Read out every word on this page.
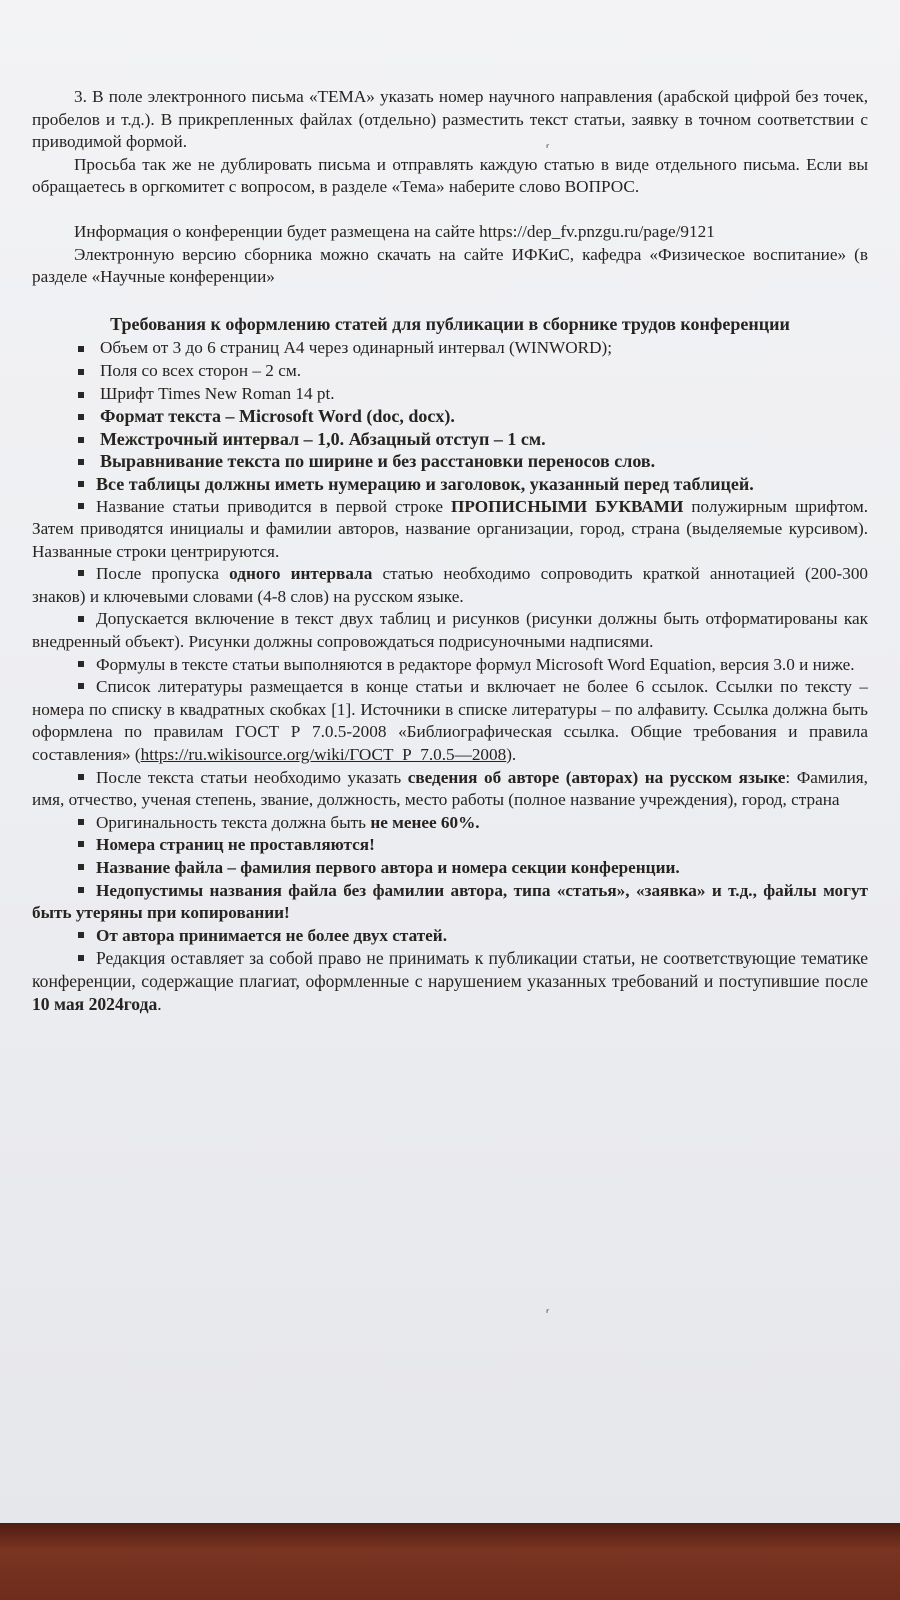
3. В поле электронного письма «ТЕМА» указать номер научного направления (арабской цифрой без точек, пробелов и т.д.). В прикрепленных файлах (отдельно) разместить текст статьи, заявку в точном соответствии с приводимой формой.

Просьба так же не дублировать письма и отправлять каждую статью в виде отдельного письма. Если вы обращаетесь в оргкомитет с вопросом, в разделе «Тема» наберите слово ВОПРОС.

Информация о конференции будет размещена на сайте https://dep_fv.pnzgu.ru/page/9121

Электронную версию сборника можно скачать на сайте ИФКиС, кафедра «Физическое воспитание» (в разделе «Научные конференции»

Требования к оформлению статей для публикации в сборнике трудов конференции
Объем от 3 до 6 страниц А4 через одинарный интервал (WINWORD);
Поля со всех сторон – 2 см.
Шрифт Times New Roman 14 pt.
Формат текста – Microsoft Word (doc, docx).
Межстрочный интервал – 1,0. Абзацный отступ – 1 см.
Выравнивание текста по ширине и без расстановки переносов слов.
Все таблицы должны иметь нумерацию и заголовок, указанный перед таблицей.
Название статьи приводится в первой строке ПРОПИСНЫМИ БУКВАМИ полужирным шрифтом. Затем приводятся инициалы и фамилии авторов, название организации, город, страна (выделяемые курсивом). Названные строки центрируются.
После пропуска одного интервала статью необходимо сопроводить краткой аннотацией (200-300 знаков) и ключевыми словами (4-8 слов) на русском языке.
Допускается включение в текст двух таблиц и рисунков (рисунки должны быть отформатированы как внедренный объект). Рисунки должны сопровождаться подрисуночными надписями.
Формулы в тексте статьи выполняются в редакторе формул Microsoft Word Equation, версия 3.0 и ниже.
Список литературы размещается в конце статьи и включает не более 6 ссылок. Ссылки по тексту – номера по списку в квадратных скобках [1]. Источники в списке литературы – по алфавиту. Ссылка должна быть оформлена по правилам ГОСТ Р 7.0.5-2008 «Библиографическая ссылка. Общие требования и правила составления» (https://ru.wikisource.org/wiki/ГОСТ_Р_7.0.5—2008).
После текста статьи необходимо указать сведения об авторе (авторах) на русском языке: Фамилия, имя, отчество, ученая степень, звание, должность, место работы (полное название учреждения), город, страна
Оригинальность текста должна быть не менее 60%.
Номера страниц не проставляются!
Название файла – фамилия первого автора и номера секции конференции.
Недопустимы названия файла без фамилии автора, типа «статья», «заявка» и т.д., файлы могут быть утеряны при копировании!
От автора принимается не более двух статей.
Редакция оставляет за собой право не принимать к публикации статьи, не соответствующие тематике конференции, содержащие плагиат, оформленные с нарушением указанных требований и поступившие после 10 мая 2024года.
ʳ
ʳ
